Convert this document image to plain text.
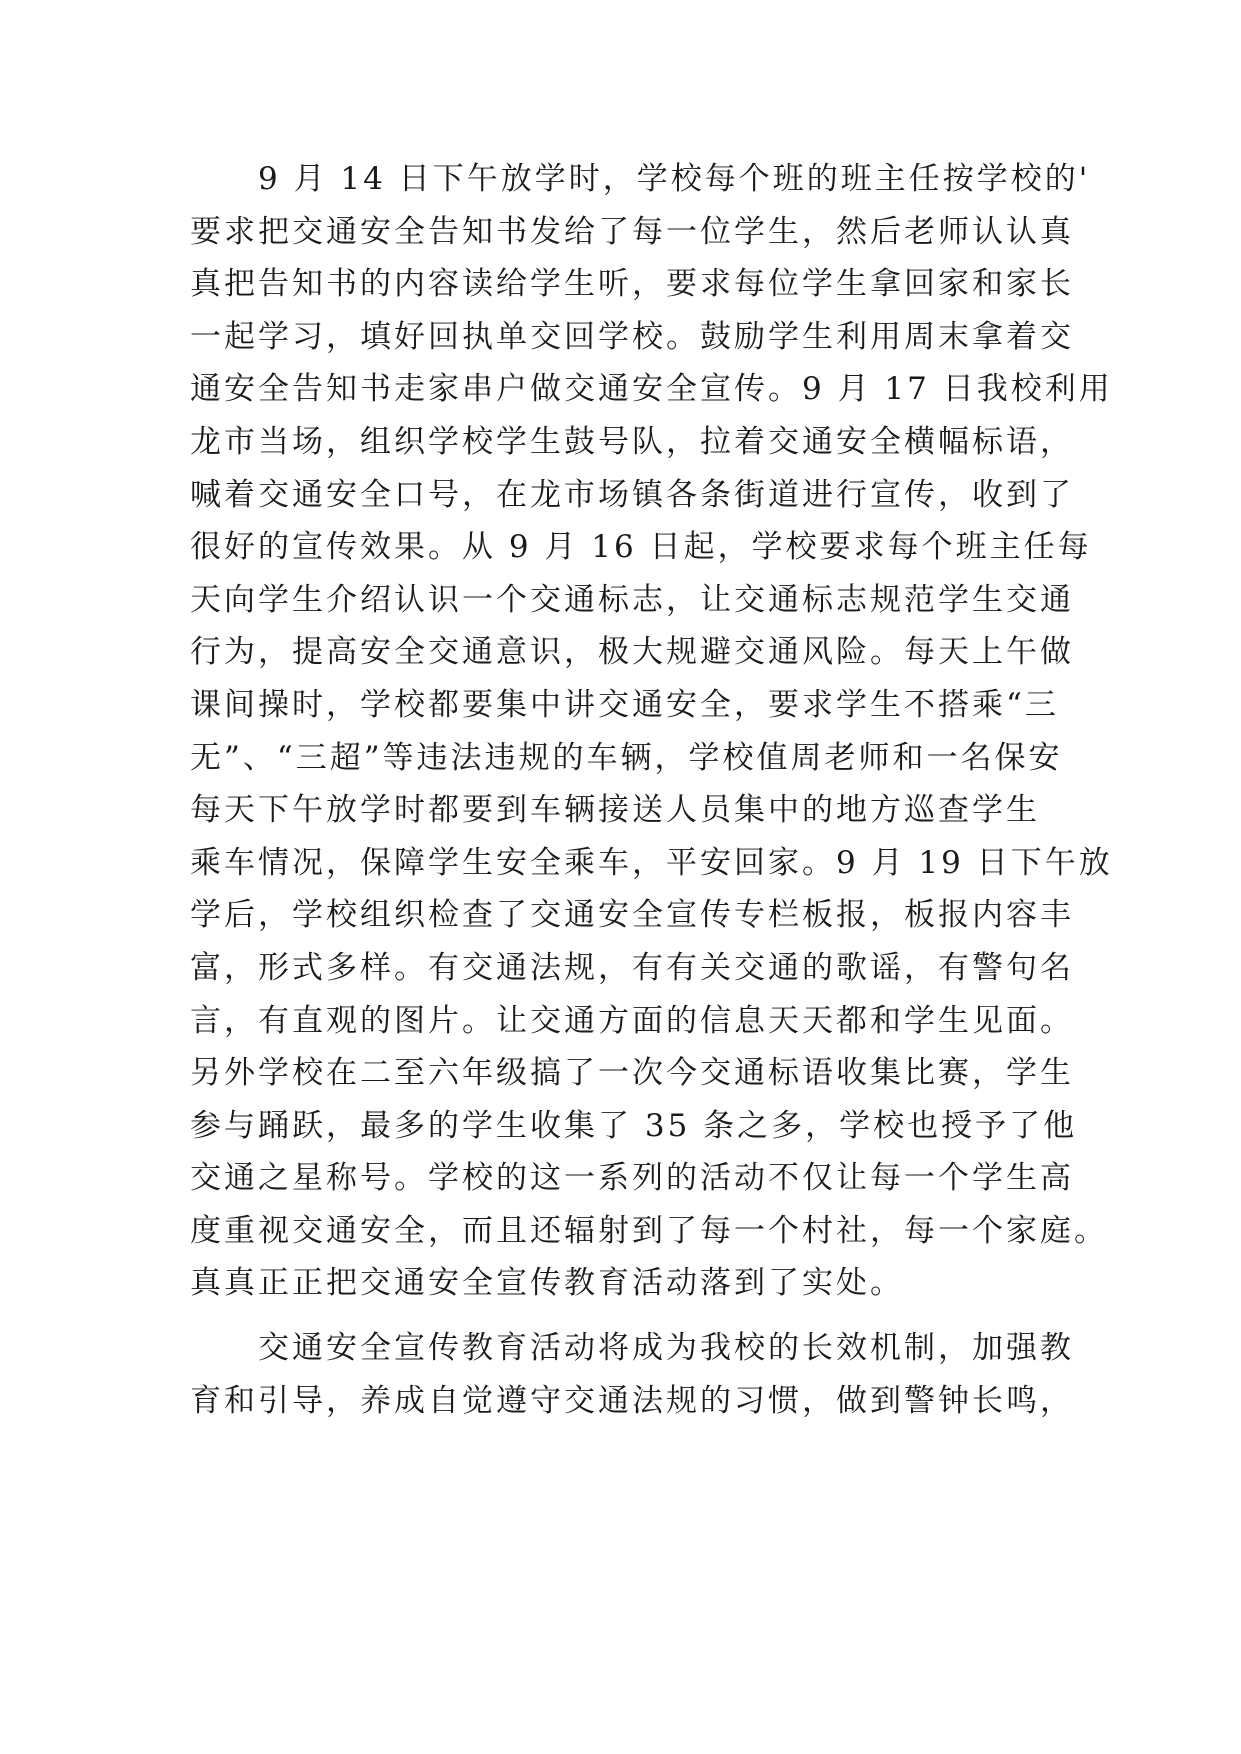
　　9 月 14 日下午放学时，学校每个班的班主任按学校的'
要求把交通安全告知书发给了每一位学生，然后老师认认真
真把告知书的内容读给学生听，要求每位学生拿回家和家长
一起学习，填好回执单交回学校。鼓励学生利用周末拿着交
通安全告知书走家串户做交通安全宣传。9 月 17 日我校利用
龙市当场，组织学校学生鼓号队，拉着交通安全横幅标语，
喊着交通安全口号，在龙市场镇各条街道进行宣传，收到了
很好的宣传效果。从 9 月 16 日起，学校要求每个班主任每
天向学生介绍认识一个交通标志，让交通标志规范学生交通
行为，提高安全交通意识，极大规避交通风险。每天上午做
课间操时，学校都要集中讲交通安全，要求学生不搭乘“三
无”、“三超”等违法违规的车辆，学校值周老师和一名保安
每天下午放学时都要到车辆接送人员集中的地方巡查学生
乘车情况，保障学生安全乘车，平安回家。9 月 19 日下午放
学后，学校组织检查了交通安全宣传专栏板报，板报内容丰
富，形式多样。有交通法规，有有关交通的歌谣，有警句名
言，有直观的图片。让交通方面的信息天天都和学生见面。
另外学校在二至六年级搞了一次今交通标语收集比赛，学生
参与踊跃，最多的学生收集了 35 条之多，学校也授予了他
交通之星称号。学校的这一系列的活动不仅让每一个学生高
度重视交通安全，而且还辐射到了每一个村社，每一个家庭。
真真正正把交通安全宣传教育活动落到了实处。
　　交通安全宣传教育活动将成为我校的长效机制，加强教
育和引导，养成自觉遵守交通法规的习惯，做到警钟长鸣，
